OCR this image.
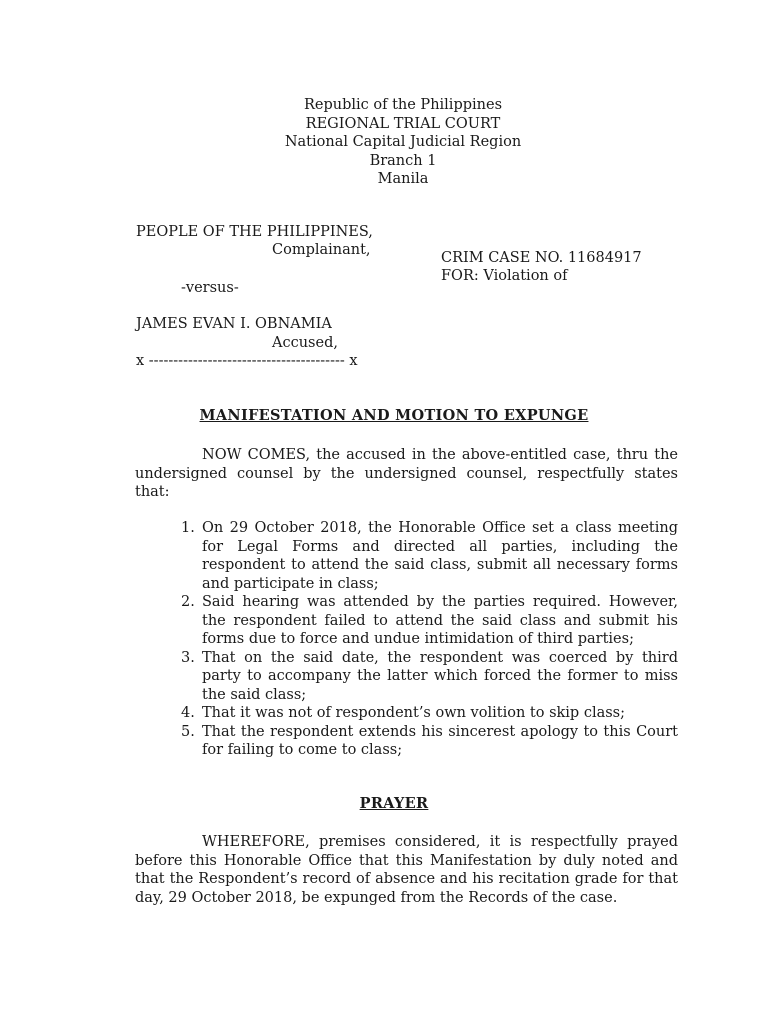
Republic of the Philippines
REGIONAL TRIAL COURT
National Capital Judicial Region
Branch 1
Manila
PEOPLE OF THE PHILIPPINES,
Complainant,	CRIM CASE NO. 11684917
FOR: Violation of
-versus-
JAMES EVAN I. OBNAMIA
Accused,
x ---------------------------------------- x
MANIFESTATION AND MOTION TO EXPUNGE
NOW COMES, the accused in the above-entitled case, thru the undersigned counsel by the undersigned counsel, respectfully states that:
1. On 29 October 2018, the Honorable Office set a class meeting for Legal Forms and directed all parties, including the respondent to attend the said class, submit all necessary forms and participate in class;
2. Said hearing was attended by the parties required. However, the respondent failed to attend the said class and submit his forms due to force and undue intimidation of third parties;
3. That on the said date, the respondent was coerced by third party to accompany the latter which forced the former to miss the said class;
4. That it was not of respondent’s own volition to skip class;
5. That the respondent extends his sincerest apology to this Court for failing to come to class;
PRAYER
WHEREFORE, premises considered, it is respectfully prayed before this Honorable Office that this Manifestation by duly noted and that the Respondent’s record of absence and his recitation grade for that day, 29 October 2018, be expunged from the Records of the case.
